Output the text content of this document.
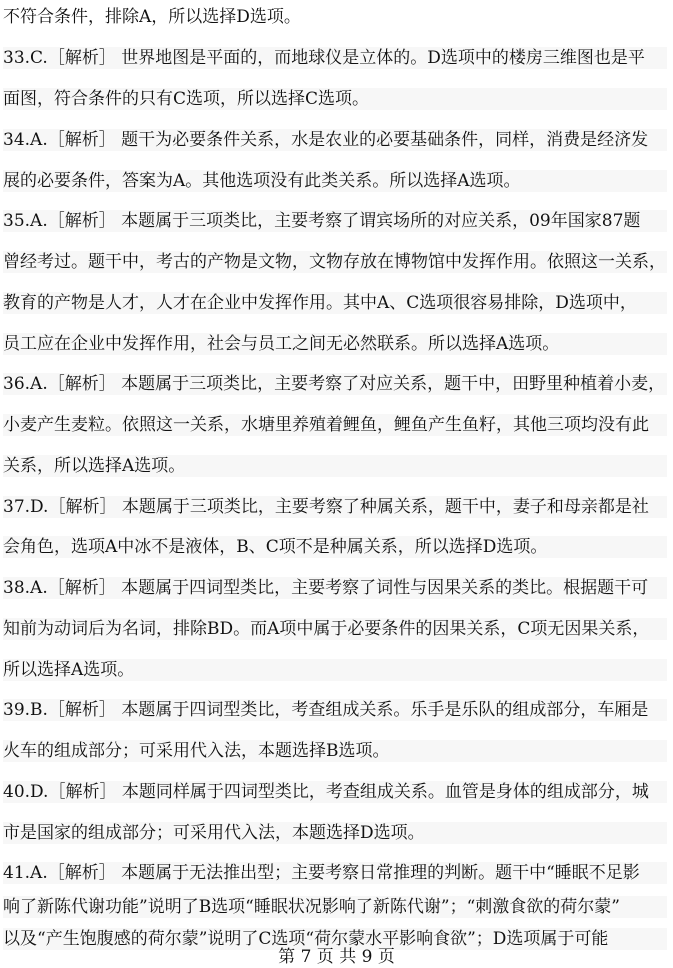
不符合条件，排除A，所以选择D选项。
33.C.［解析］ 世界地图是平面的，而地球仪是立体的。D选项中的楼房三维图也是平
面图，符合条件的只有C选项，所以选择C选项。
34.A.［解析］ 题干为必要条件关系，水是农业的必要基础条件，同样，消费是经济发
展的必要条件，答案为A。其他选项没有此类关系。所以选择A选项。
35.A.［解析］ 本题属于三项类比，主要考察了谓宾场所的对应关系，09年国家87题
曾经考过。题干中，考古的产物是文物，文物存放在博物馆中发挥作用。依照这一关系，
教育的产物是人才，人才在企业中发挥作用。其中A、C选项很容易排除，D选项中，
员工应在企业中发挥作用，社会与员工之间无必然联系。所以选择A选项。
36.A.［解析］ 本题属于三项类比，主要考察了对应关系，题干中，田野里种植着小麦，
小麦产生麦粒。依照这一关系，水塘里养殖着鲤鱼，鲤鱼产生鱼籽，其他三项均没有此
关系，所以选择A选项。
37.D.［解析］ 本题属于三项类比，主要考察了种属关系，题干中，妻子和母亲都是社
会角色，选项A中冰不是液体，B、C项不是种属关系，所以选择D选项。
38.A.［解析］ 本题属于四词型类比，主要考察了词性与因果关系的类比。根据题干可
知前为动词后为名词，排除BD。而A项中属于必要条件的因果关系，C项无因果关系，
所以选择A选项。
39.B.［解析］ 本题属于四词型类比，考查组成关系。乐手是乐队的组成部分，车厢是
火车的组成部分；可采用代入法，本题选择B选项。
40.D.［解析］ 本题同样属于四词型类比，考查组成关系。血管是身体的组成部分，城
市是国家的组成部分；可采用代入法，本题选择D选项。
41.A.［解析］ 本题属于无法推出型；主要考察日常推理的判断。题干中“睡眠不足影
响了新陈代谢功能”说明了B选项“睡眠状况影响了新陈代谢”；“刺激食欲的荷尔蒙”
以及“产生饱腹感的荷尔蒙”说明了C选项“荷尔蒙水平影响食欲”；D选项属于可能
第 7 页 共 9 页
